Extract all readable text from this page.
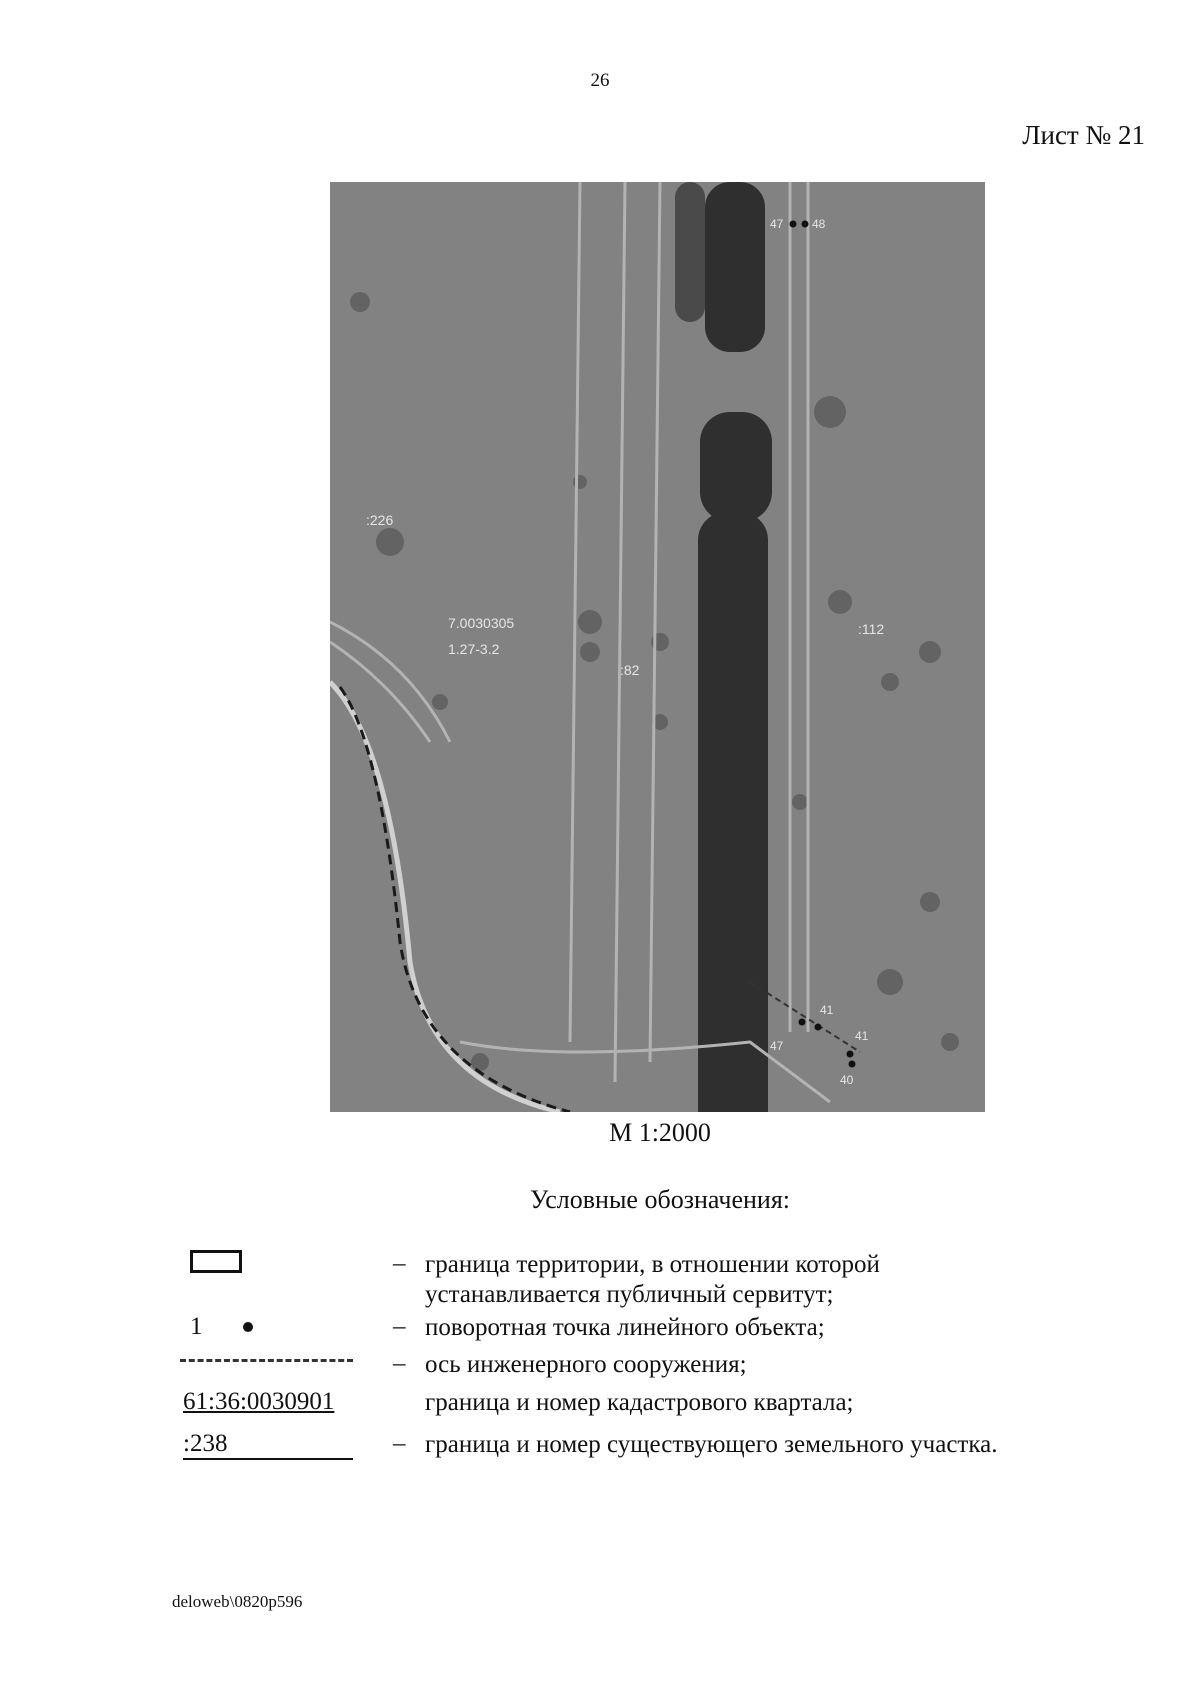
26
Лист № 21
:226
7.0030305
1.27-3.2
:82
:112
47 48
41
47
41
40
М 1:2000
Условные обозначения:
– граница территории, в отношении которой
устанавливается публичный сервитут;
1	– поворотная точка линейного объекта;
– ось инженерного сооружения;
61:36:0030901	граница и номер кадастрового квартала;
:238	– граница и номер существующего земельного участка.
deloweb\0820p596
